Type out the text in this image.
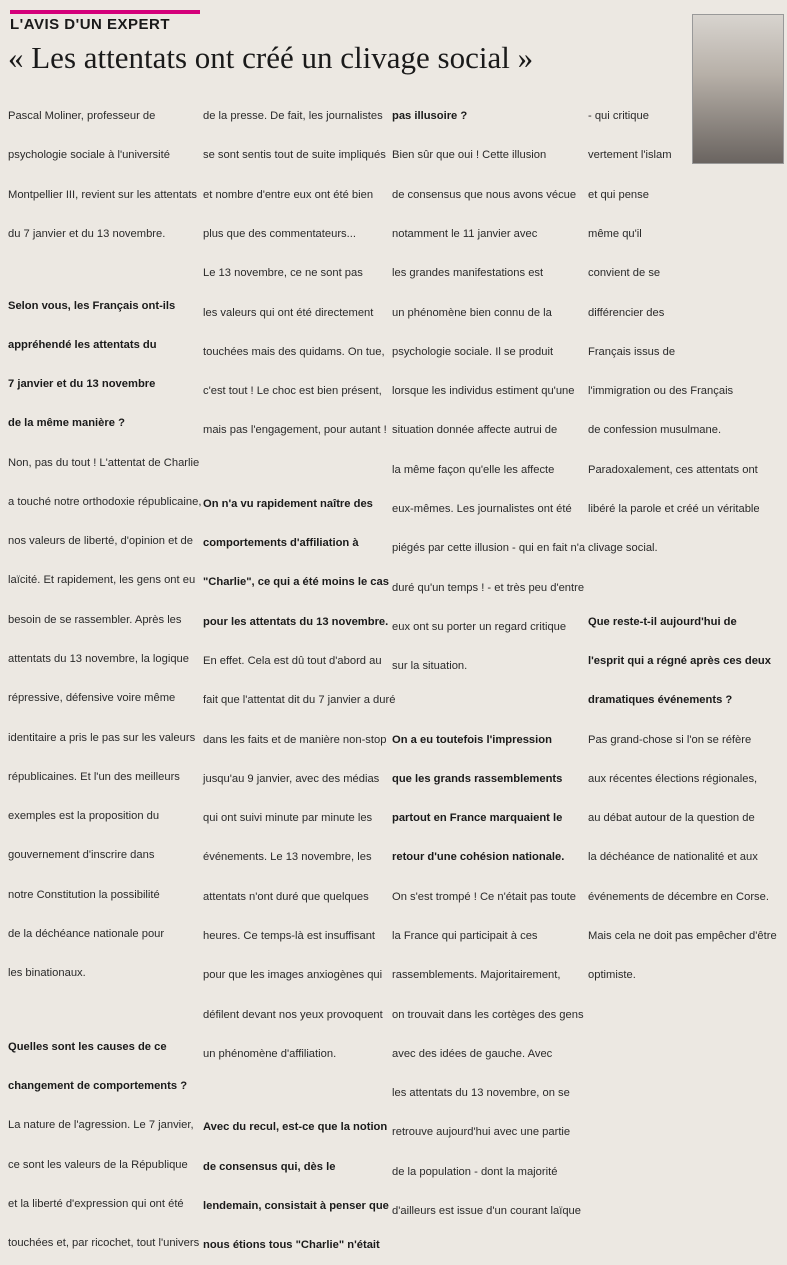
L'AVIS D'UN EXPERT
« Les attentats ont créé un clivage social »

Pascal Moliner, professeur de

psychologie sociale à l'université

Montpellier III, revient sur les attentats

du 7 janvier et du 13 novembre.

Selon vous, les Français ont-ils

appréhendé les attentats du

7 janvier et du 13 novembre

de la même manière ?

Non, pas du tout ! L'attentat de Charlie

a touché notre orthodoxie républicaine,

nos valeurs de liberté, d'opinion et de

laïcité. Et rapidement, les gens ont eu

besoin de se rassembler. Après les

attentats du 13 novembre, la logique

répressive, défensive voire même

identitaire a pris le pas sur les valeurs

républicaines. Et l'un des meilleurs

exemples est la proposition du

gouvernement d'inscrire dans

notre Constitution la possibilité

de la déchéance nationale pour

les binationaux.

Quelles sont les causes de ce

changement de comportements ?

La nature de l'agression. Le 7 janvier,

ce sont les valeurs de la République

et la liberté d'expression qui ont été

touchées et, par ricochet, tout l'univers

de la presse. De fait, les journalistes

se sont sentis tout de suite impliqués

et nombre d'entre eux ont été bien

plus que des commentateurs...

Le 13 novembre, ce ne sont pas

les valeurs qui ont été directement

touchées mais des quidams. On tue,

c'est tout ! Le choc est bien présent,

mais pas l'engagement, pour autant !

On n'a vu rapidement naître des

comportements d'affiliation à

"Charlie", ce qui a été moins le cas

pour les attentats du 13 novembre.

En effet. Cela est dû tout d'abord au

fait que l'attentat dit du 7 janvier a duré

dans les faits et de manière non-stop

jusqu'au 9 janvier, avec des médias

qui ont suivi minute par minute les

événements. Le 13 novembre, les

attentats n'ont duré que quelques

heures. Ce temps-là est insuffisant

pour que les images anxiogènes qui

défilent devant nos yeux provoquent

un phénomène d'affiliation.

Avec du recul, est-ce que la notion

de consensus qui, dès le

lendemain, consistait à penser que

nous étions tous "Charlie" n'était

pas illusoire ?

Bien sûr que oui ! Cette illusion

de consensus que nous avons vécue

notamment le 11 janvier avec

les grandes manifestations est

un phénomène bien connu de la

psychologie sociale. Il se produit

lorsque les individus estiment qu'une

situation donnée affecte autrui de

la même façon qu'elle les affecte

eux-mêmes. Les journalistes ont été

piégés par cette illusion - qui en fait n'a

duré qu'un temps ! - et très peu d'entre

eux ont su porter un regard critique

sur la situation.

On a eu toutefois l'impression

que les grands rassemblements

partout en France marquaient le

retour d'une cohésion nationale.

On s'est trompé ! Ce n'était pas toute

la France qui participait à ces

rassemblements. Majoritairement,

on trouvait dans les cortèges des gens

avec des idées de gauche. Avec

les attentats du 13 novembre, on se

retrouve aujourd'hui avec une partie

de la population - dont la majorité

d'ailleurs est issue d'un courant laïque

- qui critique

vertement l'islam

et qui pense

même qu'il

convient de se

différencier des

Français issus de

l'immigration ou des Français

de confession musulmane.

Paradoxalement, ces attentats ont

libéré la parole et créé un véritable

clivage social.

Que reste-t-il aujourd'hui de

l'esprit qui a régné après ces deux

dramatiques événements ?

Pas grand-chose si l'on se réfère

aux récentes élections régionales,

au débat autour de la question de

la déchéance de nationalité et aux

événements de décembre en Corse.

Mais cela ne doit pas empêcher d'être

optimiste.
